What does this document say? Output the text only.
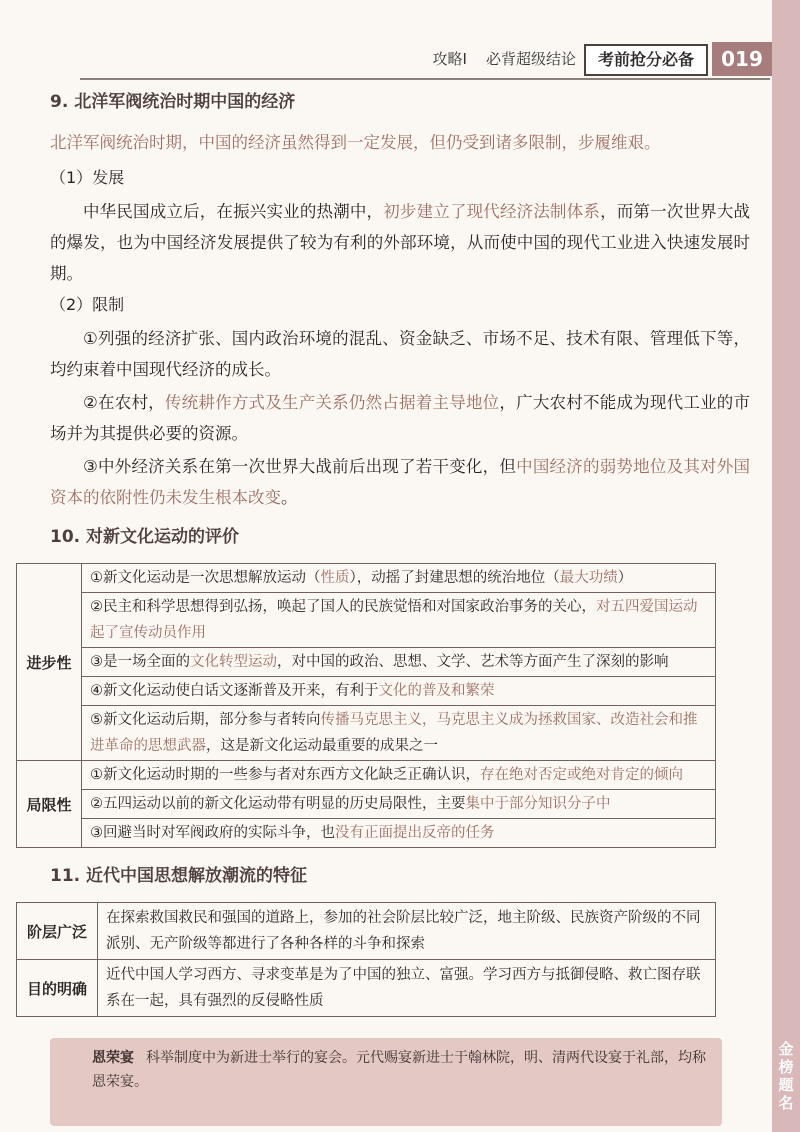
攻略Ⅰ 必背超级结论	考前抢分必备	019
9. 北洋军阀统治时期中国的经济
北洋军阀统治时期，中国的经济虽然得到一定发展，但仍受到诸多限制，步履维艰。
（1）发展
中华民国成立后，在振兴实业的热潮中，初步建立了现代经济法制体系，而第一次世界大战的爆发，也为中国经济发展提供了较为有利的外部环境，从而使中国的现代工业进入快速发展时期。
（2）限制
①列强的经济扩张、国内政治环境的混乱、资金缺乏、市场不足、技术有限、管理低下等，均约束着中国现代经济的成长。
②在农村，传统耕作方式及生产关系仍然占据着主导地位，广大农村不能成为现代工业的市场并为其提供必要的资源。
③中外经济关系在第一次世界大战前后出现了若干变化，但中国经济的弱势地位及其对外国资本的依附性仍未发生根本改变。
10. 对新文化运动的评价
进步性	①新文化运动是一次思想解放运动（性质），动摇了封建思想的统治地位（最大功绩）
	②民主和科学思想得到弘扬，唤起了国人的民族觉悟和对国家政治事务的关心，对五四爱国运动起了宣传动员作用
	③是一场全面的文化转型运动，对中国的政治、思想、文学、艺术等方面产生了深刻的影响
	④新文化运动使白话文逐渐普及开来，有利于文化的普及和繁荣
	⑤新文化运动后期，部分参与者转向传播马克思主义，马克思主义成为拯救国家、改造社会和推进革命的思想武器，这是新文化运动最重要的成果之一
局限性	①新文化运动时期的一些参与者对东西方文化缺乏正确认识，存在绝对否定或绝对肯定的倾向
	②五四运动以前的新文化运动带有明显的历史局限性，主要集中于部分知识分子中
	③回避当时对军阀政府的实际斗争，也没有正面提出反帝的任务
11. 近代中国思想解放潮流的特征
阶层广泛	在探索救国救民和强国的道路上，参加的社会阶层比较广泛，地主阶级、民族资产阶级的不同派别、无产阶级等都进行了各种各样的斗争和探索
目的明确	近代中国人学习西方、寻求变革是为了中国的独立、富强。学习西方与抵御侵略、救亡图存联系在一起，具有强烈的反侵略性质
恩荣宴 科举制度中为新进士举行的宴会。元代赐宴新进士于翰林院，明、清两代设宴于礼部，均称恩荣宴。
金榜题名
